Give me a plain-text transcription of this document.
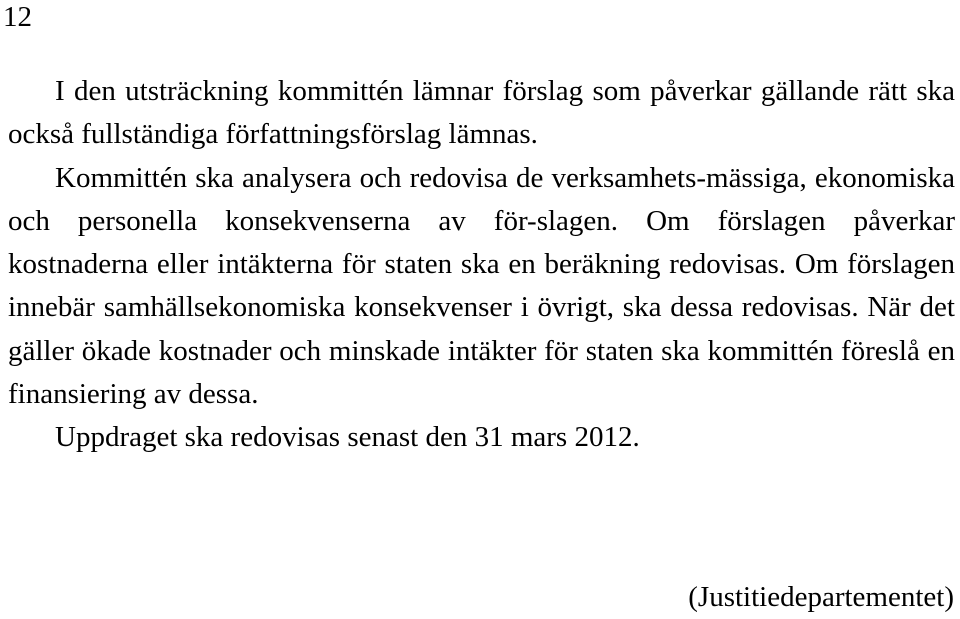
12

I den utsträckning kommittén lämnar förslag som påverkar gällande rätt ska också fullständiga författningsförslag lämnas.

Kommittén ska analysera och redovisa de verksamhets-mässiga, ekonomiska och personella konsekvenserna av för-slagen. Om förslagen påverkar kostnaderna eller intäkterna för staten ska en beräkning redovisas. Om förslagen innebär samhällsekonomiska konsekvenser i övrigt, ska dessa redovisas. När det gäller ökade kostnader och minskade intäkter för staten ska kommittén föreslå en finansiering av dessa.

Uppdraget ska redovisas senast den 31 mars 2012.

(Justitiedepartementet)
